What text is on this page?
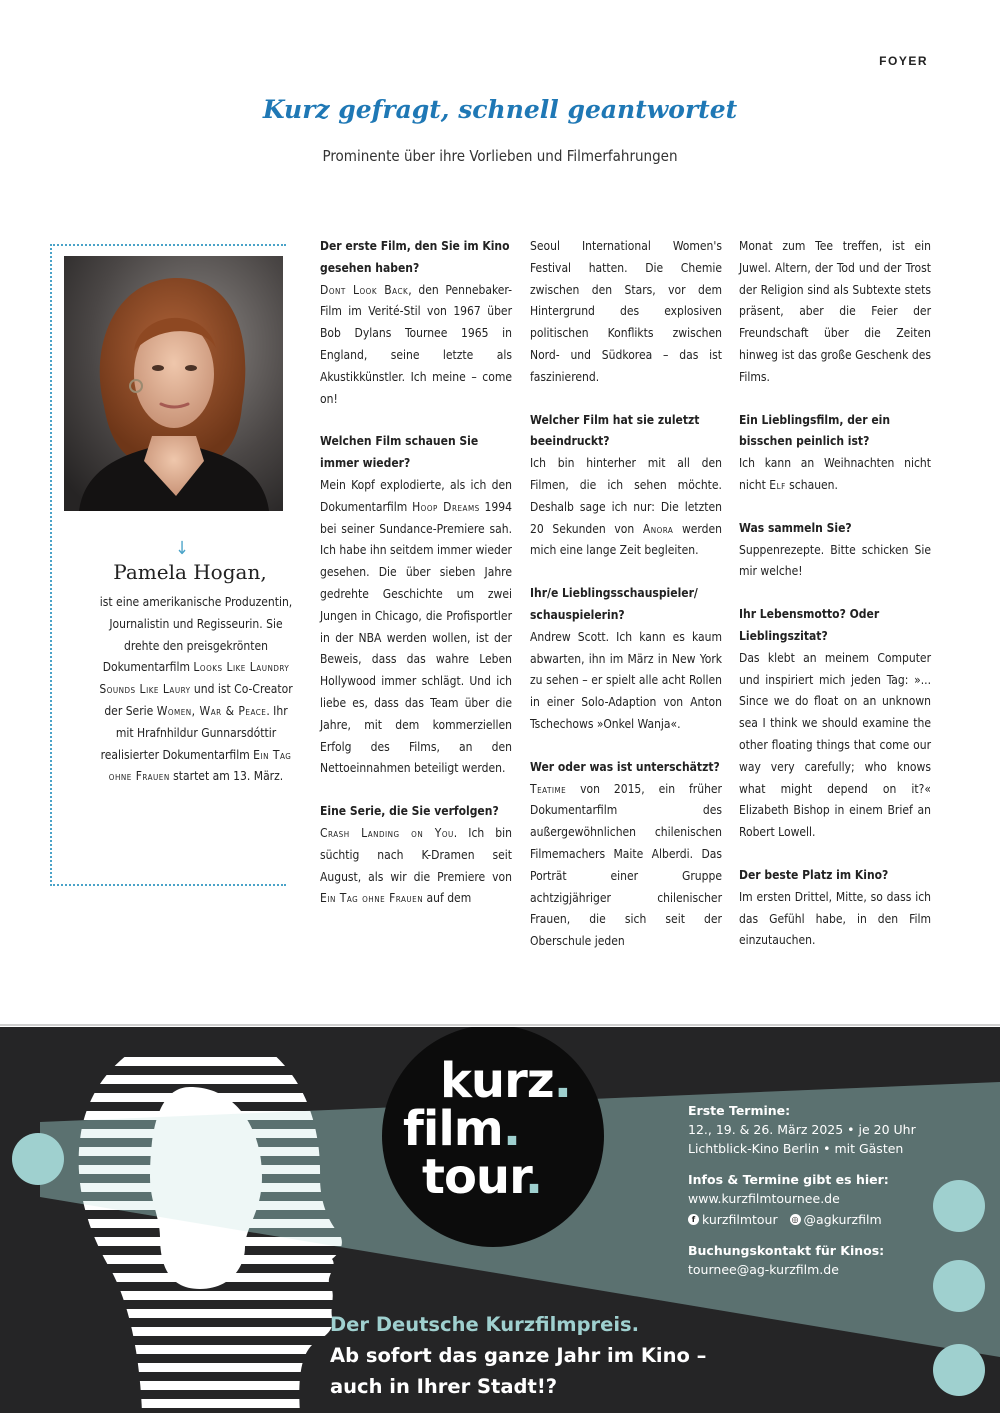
FOYER
Kurz gefragt, schnell geantwortet
Prominente über ihre Vorlieben und Filmerfahrungen
↓
Pamela Hogan,
ist eine amerikanische Produzentin, Journalistin und Regisseurin. Sie drehte den preisgekrönten Dokumentarfilm Looks Like Laundry Sounds Like Laury und ist Co-Creator der Serie Women, War & Peace. Ihr mit Hrafnhildur Gunnarsdóttir realisierter Dokumentarfilm Ein Tag ohne Frauen startet am 13. März.

Der erste Film, den Sie im Kino gesehen haben?

Dont Look Back, den Pennebaker-Film im Verité-Stil von 1967 über Bob Dylans Tournee 1965 in England, seine letzte als Akustikkünstler. Ich meine – come on!

Welchen Film schauen Sie immer wieder?

Mein Kopf explodierte, als ich den Dokumentarfilm Hoop Dreams 1994 bei seiner Sundance-Premiere sah. Ich habe ihn seitdem immer wieder gesehen. Die über sieben Jahre gedrehte Geschichte um zwei Jungen in Chicago, die Profisportler in der NBA werden wollen, ist der Beweis, dass das wahre Leben Hollywood immer schlägt. Und ich liebe es, dass das Team über die Jahre, mit dem kommerziellen Erfolg des Films, an den Nettoeinnahmen beteiligt werden.

Eine Serie, die Sie verfolgen?

Crash Landing on You. Ich bin süchtig nach K-Dramen seit August, als wir die Premiere von Ein Tag ohne Frauen auf dem

Seoul International Women's Festival hatten. Die Chemie zwischen den Stars, vor dem Hintergrund des explosiven politischen Konflikts zwischen Nord- und Südkorea – das ist faszinierend.

Welcher Film hat sie zuletzt beeindruckt?

Ich bin hinterher mit all den Filmen, die ich sehen möchte. Deshalb sage ich nur: Die letzten 20 Sekunden von Anora werden mich eine lange Zeit begleiten.

Ihr/e Lieblingsschauspieler/ schauspielerin?

Andrew Scott. Ich kann es kaum abwarten, ihn im März in New York zu sehen – er spielt alle acht Rollen in einer Solo-Adaption von Anton Tschechows »Onkel Wanja«.

Wer oder was ist unterschätzt?

Teatime von 2015, ein früher Dokumentarfilm des außergewöhnlichen chilenischen Filmemachers Maite Alberdi. Das Porträt einer Gruppe achtzigjähriger chilenischer Frauen, die sich seit der Oberschule jeden

Monat zum Tee treffen, ist ein Juwel. Altern, der Tod und der Trost der Religion sind als Subtexte stets präsent, aber die Feier der Freundschaft über die Zeiten hinweg ist das große Geschenk des Films.

Ein Lieblingsfilm, der ein bisschen peinlich ist?

Ich kann an Weihnachten nicht nicht Elf schauen.

Was sammeln Sie?

Suppenrezepte. Bitte schicken Sie mir welche!

Ihr Lebensmotto? Oder Lieblingszitat?

Das klebt an meinem Computer und inspiriert mich jeden Tag: »... Since we do float on an unknown sea I think we should examine the other floating things that come our way very carefully; who knows what might depend on it?« Elizabeth Bishop in einem Brief an Robert Lowell.

Der beste Platz im Kino?

Im ersten Drittel, Mitte, so dass ich das Gefühl habe, in den Film einzutauchen.

kurz.
film.
tour.
Erste Termine:
12., 19. & 26. März 2025 • je 20 Uhr
Lichtblick-Kino Berlin • mit Gästen
Infos & Termine gibt es hier:
www.kurzfilmtournee.de
f kurzfilmtour
◎ @agkurzfilm
Buchungskontakt für Kinos:
tournee@ag-kurzfilm.de
Der Deutsche Kurzfilmpreis.
Ab sofort das ganze Jahr im Kino –
auch in Ihrer Stadt!?
